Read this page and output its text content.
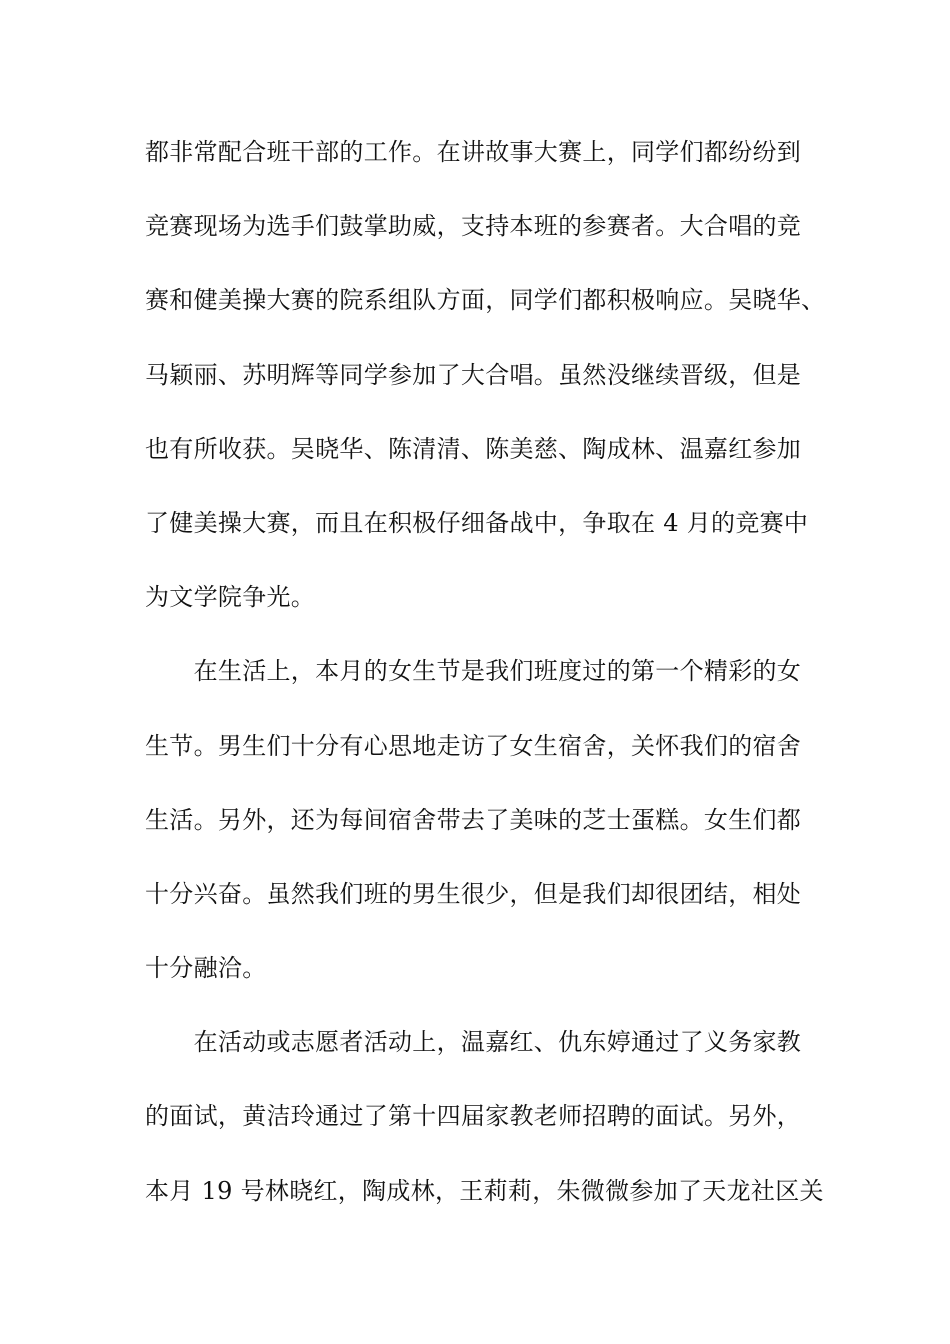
都非常配合班干部的工作。在讲故事大赛上，同学们都纷纷到
竞赛现场为选手们鼓掌助威，支持本班的参赛者。大合唱的竞
赛和健美操大赛的院系组队方面，同学们都积极响应。吴晓华、
马颖丽、苏明辉等同学参加了大合唱。虽然没继续晋级，但是
也有所收获。吴晓华、陈清清、陈美慈、陶成林、温嘉红参加
了健美操大赛，而且在积极仔细备战中，争取在 4 月的竞赛中
为文学院争光。
　　在生活上，本月的女生节是我们班度过的第一个精彩的女
生节。男生们十分有心思地走访了女生宿舍，关怀我们的宿舍
生活。另外，还为每间宿舍带去了美味的芝士蛋糕。女生们都
十分兴奋。虽然我们班的男生很少，但是我们却很团结，相处
十分融洽。
　　在活动或志愿者活动上，温嘉红、仇东婷通过了义务家教
的面试，黄洁玲通过了第十四届家教老师招聘的面试。另外，
本月 19 号林晓红，陶成林，王莉莉，朱微微参加了天龙社区关
